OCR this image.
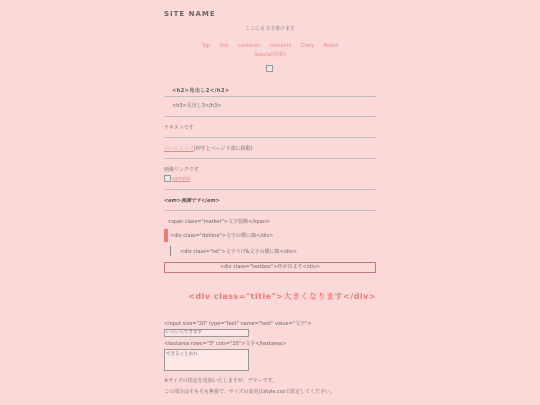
SITE NAME
ここにも文字書けます
Top link contents contents Diary Board
Special(移動)
<h2>見出し2</h2>
<h3>見出し3</h3>
テキストです
ページトップ(押すとページ下部に移動)
画像リンクです
sample
<em>強調です</em>
<span class="marker">文字装飾</span>
<div class="dotline">文字の横に線</div>
<div class="txt">文字下げ&文字の横に線</div>
<div class="textbox">枠が出ます</div>
<div class="title">大きくなります</div>
<input size="20" type="text" name="text" value="文字">
いろいろできます
<textarea rows="3" cols="20">文字</textarea>
できることあれ
※サイズの指定を追加いたしますが、デモーです。
この部分はそもそも無視で、サイズの変更はstyle.cssで設定してください。
